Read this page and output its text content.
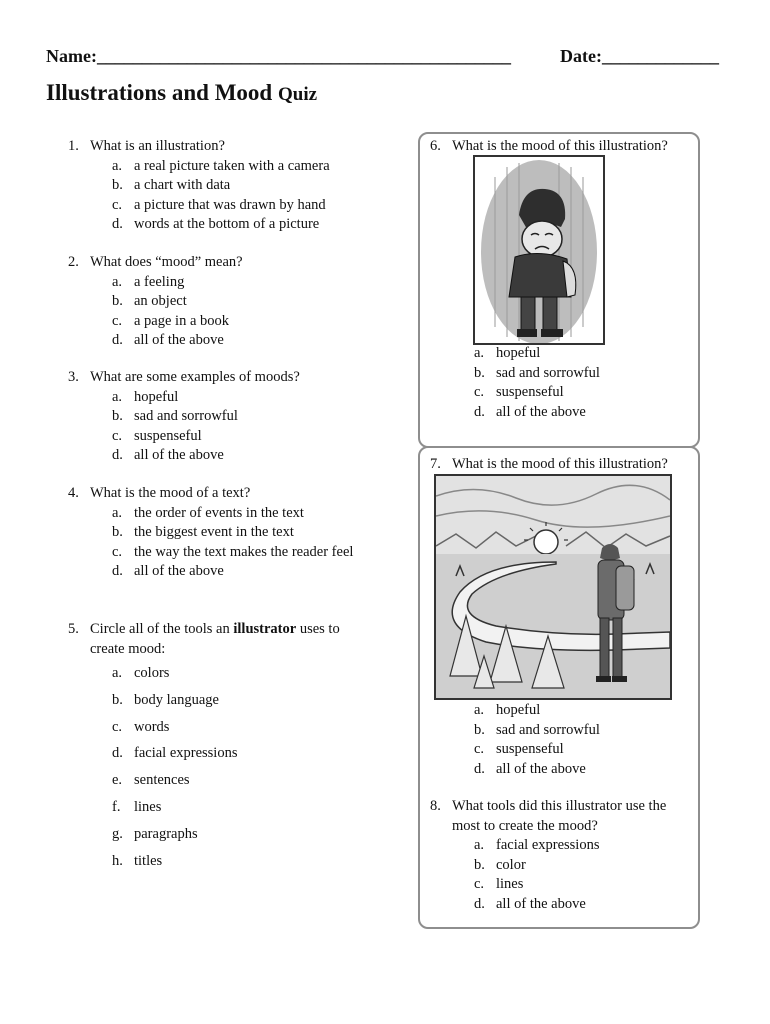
Name:______________________________________________	Date:_____________
Illustrations and Mood Quiz
1. What is an illustration?
a. a real picture taken with a camera
b. a chart with data
c. a picture that was drawn by hand
d. words at the bottom of a picture
2. What does “mood” mean?
a. a feeling
b. an object
c. a page in a book
d. all of the above
3. What are some examples of moods?
a. hopeful
b. sad and sorrowful
c. suspenseful
d. all of the above
4. What is the mood of a text?
a. the order of events in the text
b. the biggest event in the text
c. the way the text makes the reader feel
d. all of the above
5. Circle all of the tools an illustrator uses to create mood:
a. colors
b. body language
c. words
d. facial expressions
e. sentences
f. lines
g. paragraphs
h. titles
6. What is the mood of this illustration?
a. hopeful
b. sad and sorrowful
c. suspenseful
d. all of the above
7. What is the mood of this illustration?
a. hopeful
b. sad and sorrowful
c. suspenseful
d. all of the above
8. What tools did this illustrator use the most to create the mood?
a. facial expressions
b. color
c. lines
d. all of the above
